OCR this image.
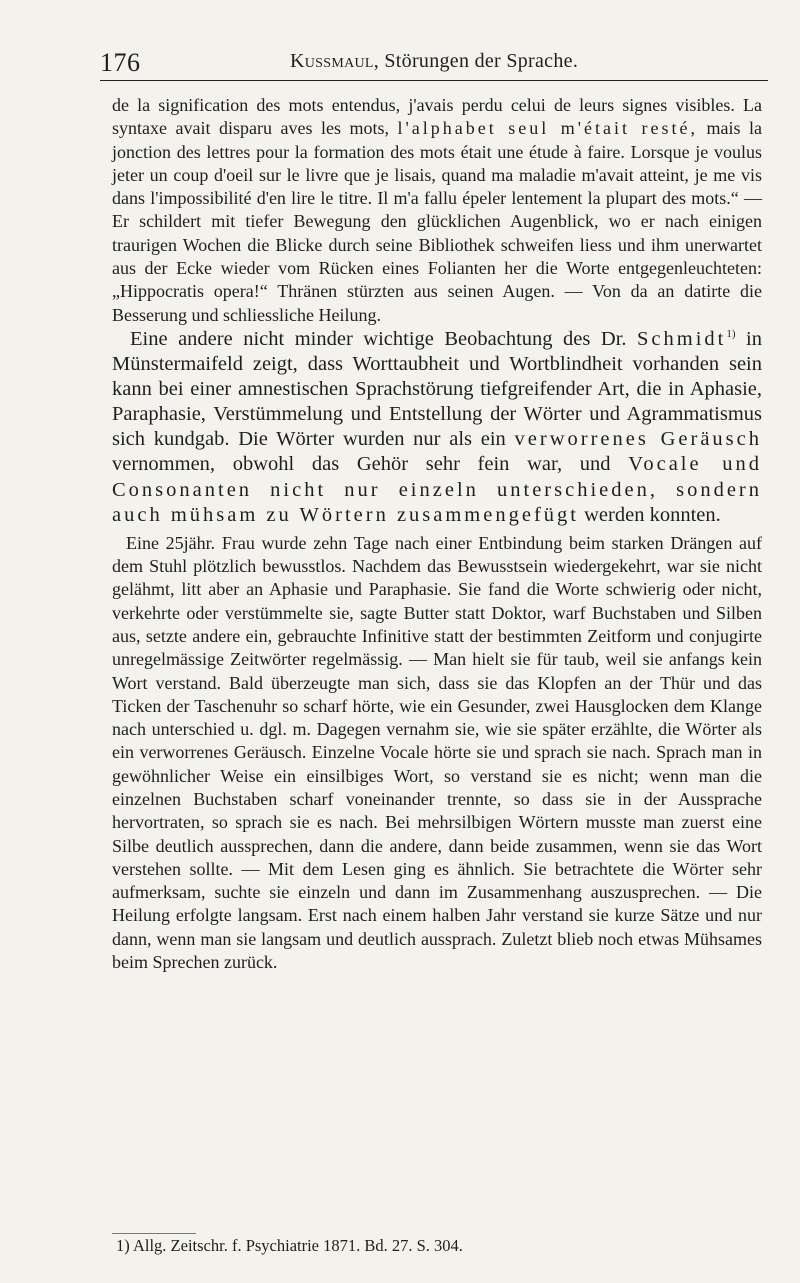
176	Kussmaul, Störungen der Sprache.

de la signification des mots entendus, j'avais perdu celui de leurs signes visibles. La syntaxe avait disparu aves les mots, l'alphabet seul m'était resté, mais la jonction des lettres pour la formation des mots était une étude à faire. Lorsque je voulus jeter un coup d'oeil sur le livre que je lisais, quand ma maladie m'avait atteint, je me vis dans l'impossibilité d'en lire le titre. Il m'a fallu épeler lentement la plupart des mots.“ — Er schildert mit tiefer Bewegung den glücklichen Augenblick, wo er nach einigen traurigen Wochen die Blicke durch seine Bibliothek schweifen liess und ihm unerwartet aus der Ecke wieder vom Rücken eines Folianten her die Worte entgegenleuchteten: „Hippocratis opera!“ Thränen stürzten aus seinen Augen. — Von da an datirte die Besserung und schliessliche Heilung.

Eine andere nicht minder wichtige Beobachtung des Dr. Schmidt$^{1)}$ in Münstermaifeld zeigt, dass Worttaubheit und Wortblindheit vorhanden sein kann bei einer amnestischen Sprachstörung tiefgreifender Art, die in Aphasie, Paraphasie, Verstümmelung und Entstellung der Wörter und Agrammatismus sich kundgab. Die Wörter wurden nur als ein verworrenes Geräusch vernommen, obwohl das Gehör sehr fein war, und Vocale und Consonanten nicht nur einzeln unterschieden, sondern auch mühsam zu Wörtern zusammengefügt werden konnten.

Eine 25jähr. Frau wurde zehn Tage nach einer Entbindung beim starken Drängen auf dem Stuhl plötzlich bewusstlos. Nachdem das Bewusstsein wiedergekehrt, war sie nicht gelähmt, litt aber an Aphasie und Paraphasie. Sie fand die Worte schwierig oder nicht, verkehrte oder verstümmelte sie, sagte Butter statt Doktor, warf Buchstaben und Silben aus, setzte andere ein, gebrauchte Infinitive statt der bestimmten Zeitform und conjugirte unregelmässige Zeitwörter regelmässig. — Man hielt sie für taub, weil sie anfangs kein Wort verstand. Bald überzeugte man sich, dass sie das Klopfen an der Thür und das Ticken der Taschenuhr so scharf hörte, wie ein Gesunder, zwei Hausglocken dem Klange nach unterschied u. dgl. m. Dagegen vernahm sie, wie sie später erzählte, die Wörter als ein verworrenes Geräusch. Einzelne Vocale hörte sie und sprach sie nach. Sprach man in gewöhnlicher Weise ein einsilbiges Wort, so verstand sie es nicht; wenn man die einzelnen Buchstaben scharf voneinander trennte, so dass sie in der Aussprache hervortraten, so sprach sie es nach. Bei mehrsilbigen Wörtern musste man zuerst eine Silbe deutlich aussprechen, dann die andere, dann beide zusammen, wenn sie das Wort verstehen sollte. — Mit dem Lesen ging es ähnlich. Sie betrachtete die Wörter sehr aufmerksam, suchte sie einzeln und dann im Zusammenhang auszusprechen. — Die Heilung erfolgte langsam. Erst nach einem halben Jahr verstand sie kurze Sätze und nur dann, wenn man sie langsam und deutlich aussprach. Zuletzt blieb noch etwas Mühsames beim Sprechen zurück.

1) Allg. Zeitschr. f. Psychiatrie 1871. Bd. 27. S. 304.
